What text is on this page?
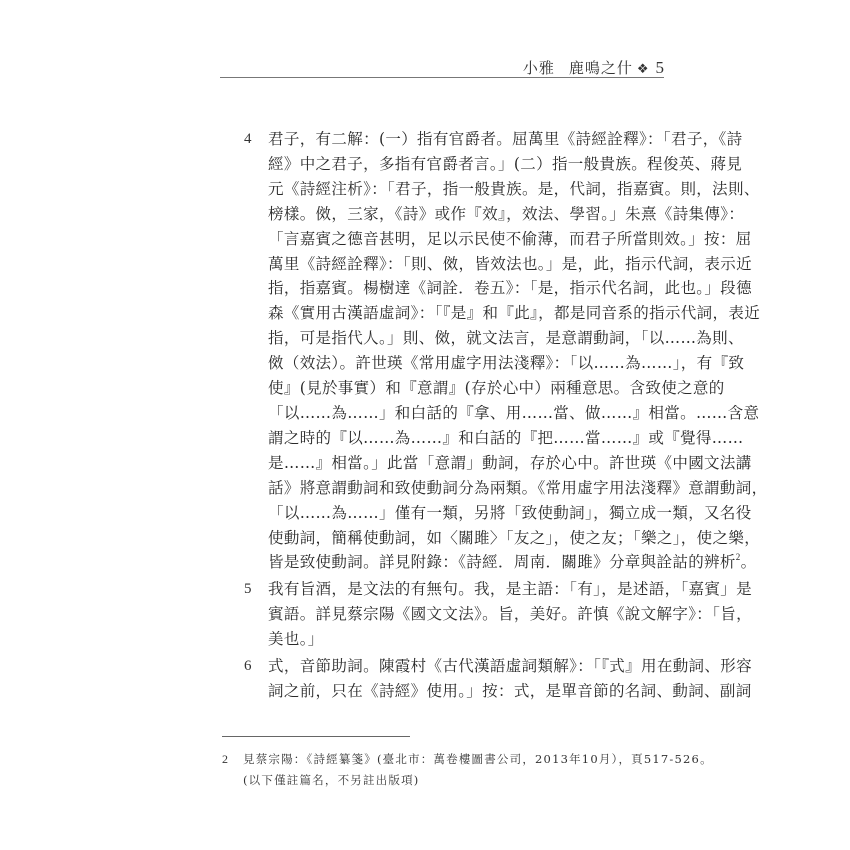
小雅 鹿鳴之什 ❖ 5
4	君子，有二解：(一）指有官爵者。屈萬里《詩經詮釋》：「君子，《詩
經》中之君子，多指有官爵者言。」(二）指一般貴族。程俊英、蔣見
元《詩經注析》：「君子，指一般貴族。是，代詞，指嘉賓。則，法則、
榜樣。傚，三家，《詩》或作『效』，效法、學習。」朱熹《詩集傳》：
「言嘉賓之德音甚明，足以示民使不偷薄，而君子所當則效。」按：屈
萬里《詩經詮釋》：「則、傚，皆效法也。」是，此，指示代詞，表示近
指，指嘉賓。楊樹達《詞詮．卷五》：「是，指示代名詞，此也。」段德
森《實用古漢語虛詞》：「『是』和『此』，都是同音系的指示代詞，表近
指，可是指代人。」則、傚，就文法言，是意謂動詞，「以……為則、
傚（效法）。許世瑛《常用虛字用法淺釋》：「以……為……」，有『致
使』(見於事實）和『意謂』(存於心中）兩種意思。含致使之意的
「以……為……」和白話的『拿、用……當、做……』相當。……含意
謂之時的『以……為……』和白話的『把……當……』或『覺得……
是……』相當。」此當「意謂」動詞，存於心中。許世瑛《中國文法講
話》將意謂動詞和致使動詞分為兩類。《常用虛字用法淺釋》意謂動詞，
「以……為……」僅有一類，另將「致使動詞」，獨立成一類，又名役
使動詞，簡稱使動詞，如〈關雎〉「友之」，使之友；「樂之」，使之樂，
皆是致使動詞。詳見附錄：《詩經．周南．關雎》分章與詮詁的辨析$^2$。
5	我有旨酒，是文法的有無句。我，是主語：「有」，是述語，「嘉賓」是
賓語。詳見蔡宗陽《國文文法》。旨，美好。許慎《說文解字》：「旨，
美也。」
6	式，音節助詞。陳霞村《古代漢語虛詞類解》：「『式』用在動詞、形容
詞之前，只在《詩經》使用。」按：式，是單音節的名詞、動詞、副詞
2	見蔡宗陽：《詩經纂箋》(臺北市：萬卷樓圖書公司，2013年10月），頁517-526。
(以下僅註篇名，不另註出版項)
